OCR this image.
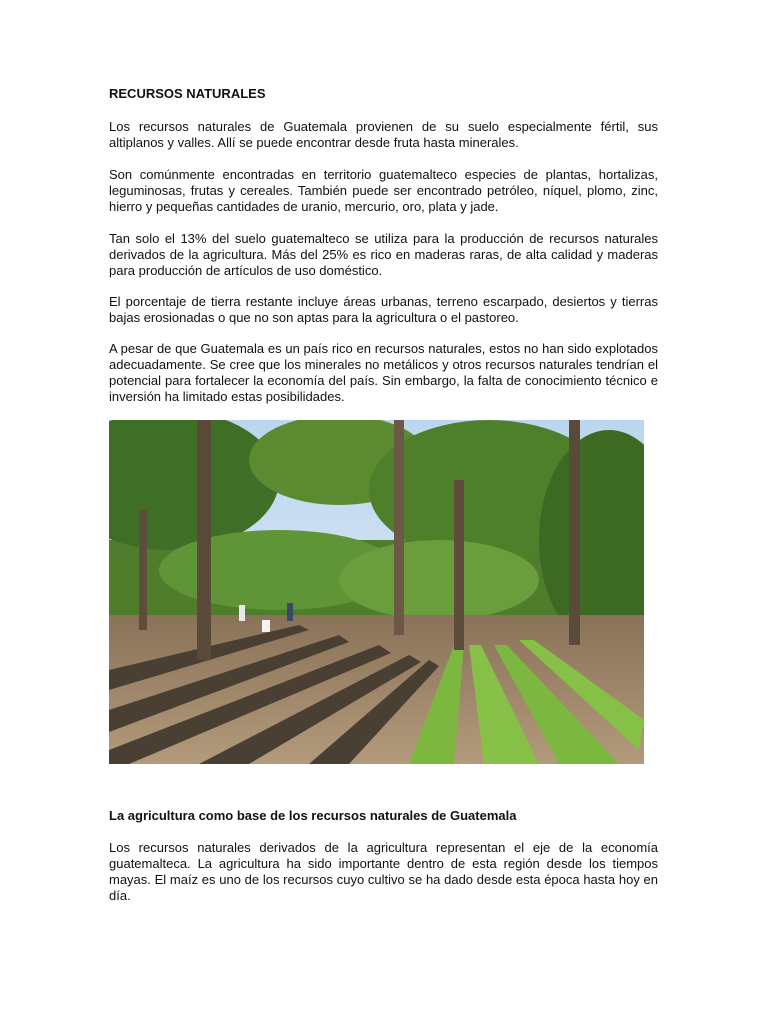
RECURSOS NATURALES

Los recursos naturales de Guatemala provienen de su suelo especialmente fértil, sus altiplanos y valles. Allí se puede encontrar desde fruta hasta minerales.

Son comúnmente encontradas en territorio guatemalteco especies de plantas, hortalizas, leguminosas, frutas y cereales. También puede ser encontrado petróleo, níquel, plomo, zinc, hierro y pequeñas cantidades de uranio, mercurio, oro, plata y jade.

Tan solo el 13% del suelo guatemalteco se utiliza para la producción de recursos naturales derivados de la agricultura. Más del 25% es rico en maderas raras, de alta calidad y maderas para producción de artículos de uso doméstico.

El porcentaje de tierra restante incluye áreas urbanas, terreno escarpado, desiertos y tierras bajas erosionadas o que no son aptas para la agricultura o el pastoreo.

A pesar de que Guatemala es un país rico en recursos naturales, estos no han sido explotados adecuadamente. Se cree que los minerales no metálicos y otros recursos naturales tendrían el potencial para fortalecer la economía del país. Sin embargo, la falta de conocimiento técnico e inversión ha limitado estas posibilidades.

La agricultura como base de los recursos naturales de Guatemala

Los recursos naturales derivados de la agricultura representan el eje de la economía guatemalteca. La agricultura ha sido importante dentro de esta región desde los tiempos mayas. El maíz es uno de los recursos cuyo cultivo se ha dado desde esta época hasta hoy en día.
